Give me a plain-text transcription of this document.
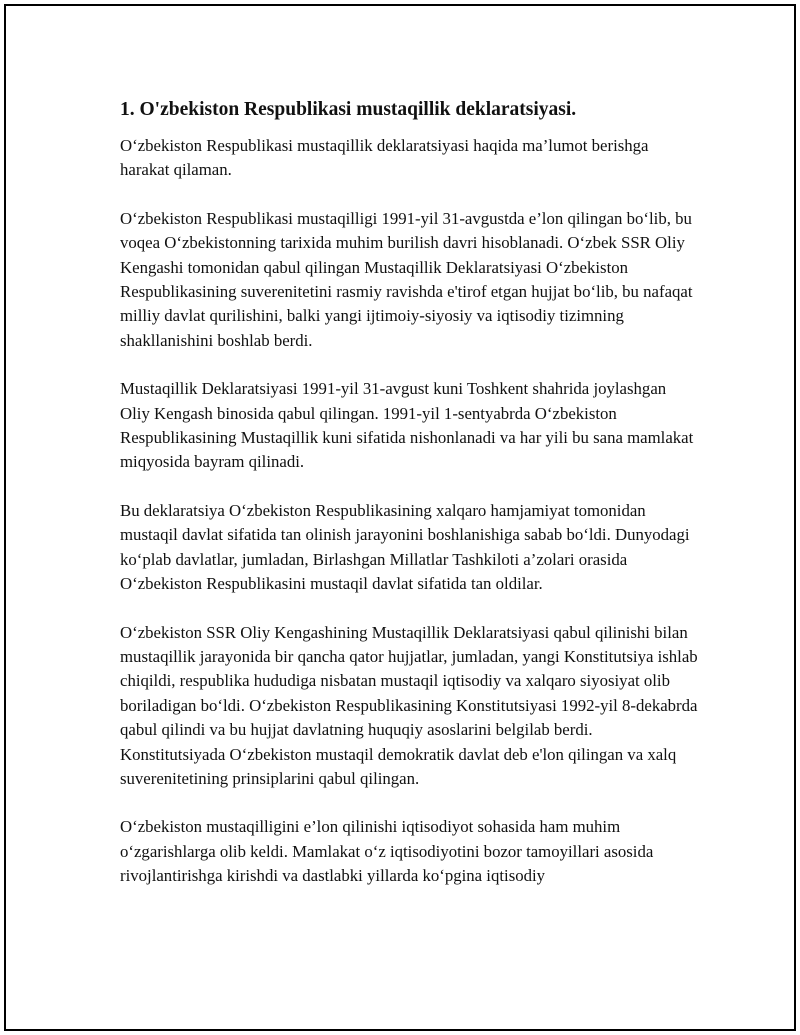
1. O'zbekiston Respublikasi mustaqillik deklaratsiyasi.

O‘zbekiston Respublikasi mustaqillik deklaratsiyasi haqida ma’lumot berishga harakat qilaman.

O‘zbekiston Respublikasi mustaqilligi 1991-yil 31-avgustda e’lon qilingan bo‘lib, bu voqea O‘zbekistonning tarixida muhim burilish davri hisoblanadi. O‘zbek SSR Oliy Kengashi tomonidan qabul qilingan Mustaqillik Deklaratsiyasi O‘zbekiston Respublikasining suverenitetini rasmiy ravishda e'tirof etgan hujjat bo‘lib, bu nafaqat milliy davlat qurilishini, balki yangi ijtimoiy-siyosiy va iqtisodiy tizimning shakllanishini boshlab berdi.

Mustaqillik Deklaratsiyasi 1991-yil 31-avgust kuni Toshkent shahrida joylashgan Oliy Kengash binosida qabul qilingan. 1991-yil 1-sentyabrda O‘zbekiston Respublikasining Mustaqillik kuni sifatida nishonlanadi va har yili bu sana mamlakat miqyosida bayram qilinadi.

Bu deklaratsiya O‘zbekiston Respublikasining xalqaro hamjamiyat tomonidan mustaqil davlat sifatida tan olinish jarayonini boshlanishiga sabab bo‘ldi. Dunyodagi ko‘plab davlatlar, jumladan, Birlashgan Millatlar Tashkiloti a’zolari orasida O‘zbekiston Respublikasini mustaqil davlat sifatida tan oldilar.

O‘zbekiston SSR Oliy Kengashining Mustaqillik Deklaratsiyasi qabul qilinishi bilan mustaqillik jarayonida bir qancha qator hujjatlar, jumladan, yangi Konstitutsiya ishlab chiqildi, respublika hududiga nisbatan mustaqil iqtisodiy va xalqaro siyosiyat olib boriladigan bo‘ldi. O‘zbekiston Respublikasining Konstitutsiyasi 1992-yil 8-dekabrda qabul qilindi va bu hujjat davlatning huquqiy asoslarini belgilab berdi. Konstitutsiyada O‘zbekiston mustaqil demokratik davlat deb e'lon qilingan va xalq suverenitetining prinsiplarini qabul qilingan.

O‘zbekiston mustaqilligini e’lon qilinishi iqtisodiyot sohasida ham muhim o‘zgarishlarga olib keldi. Mamlakat o‘z iqtisodiyotini bozor tamoyillari asosida rivojlantirishga kirishdi va dastlabki yillarda ko‘pgina iqtisodiy
